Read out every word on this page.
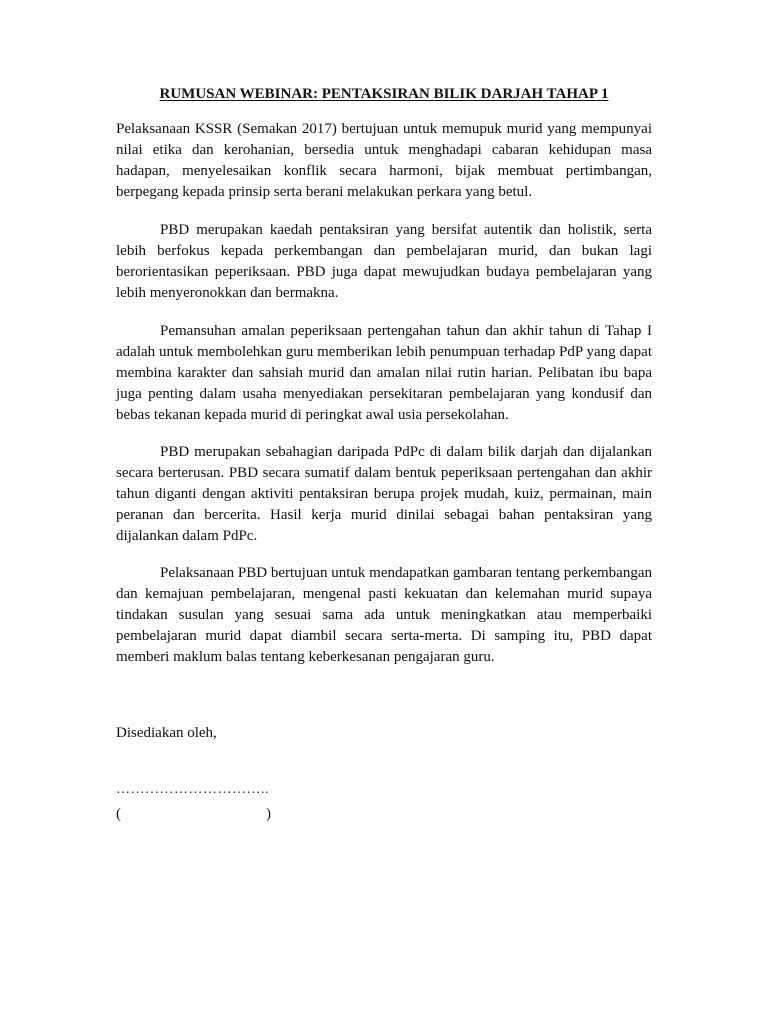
RUMUSAN WEBINAR: PENTAKSIRAN BILIK DARJAH TAHAP 1

Pelaksanaan KSSR (Semakan 2017) bertujuan untuk memupuk murid yang mempunyai nilai etika dan kerohanian, bersedia untuk menghadapi cabaran kehidupan masa hadapan, menyelesaikan konflik secara harmoni, bijak membuat pertimbangan, berpegang kepada prinsip serta berani melakukan perkara yang betul.

PBD merupakan kaedah pentaksiran yang bersifat autentik dan holistik, serta lebih berfokus kepada perkembangan dan pembelajaran murid, dan bukan lagi berorientasikan peperiksaan. PBD juga dapat mewujudkan budaya pembelajaran yang lebih menyeronokkan dan bermakna.

Pemansuhan amalan peperiksaan pertengahan tahun dan akhir tahun di Tahap I adalah untuk membolehkan guru memberikan lebih penumpuan terhadap PdP yang dapat membina karakter dan sahsiah murid dan amalan nilai rutin harian. Pelibatan ibu bapa juga penting dalam usaha menyediakan persekitaran pembelajaran yang kondusif dan bebas tekanan kepada murid di peringkat awal usia persekolahan.

PBD merupakan sebahagian daripada PdPc di dalam bilik darjah dan dijalankan secara berterusan. PBD secara sumatif dalam bentuk peperiksaan pertengahan dan akhir tahun diganti dengan aktiviti pentaksiran berupa projek mudah, kuiz, permainan, main peranan dan bercerita. Hasil kerja murid dinilai sebagai bahan pentaksiran yang dijalankan dalam PdPc.

Pelaksanaan PBD bertujuan untuk mendapatkan gambaran tentang perkembangan dan kemajuan pembelajaran, mengenal pasti kekuatan dan kelemahan murid supaya tindakan susulan yang sesuai sama ada untuk meningkatkan atau memperbaiki pembelajaran murid dapat diambil secara serta-merta. Di samping itu, PBD dapat memberi maklum balas tentang keberkesanan pengajaran guru.

Disediakan oleh,
…………………………..
(	)
